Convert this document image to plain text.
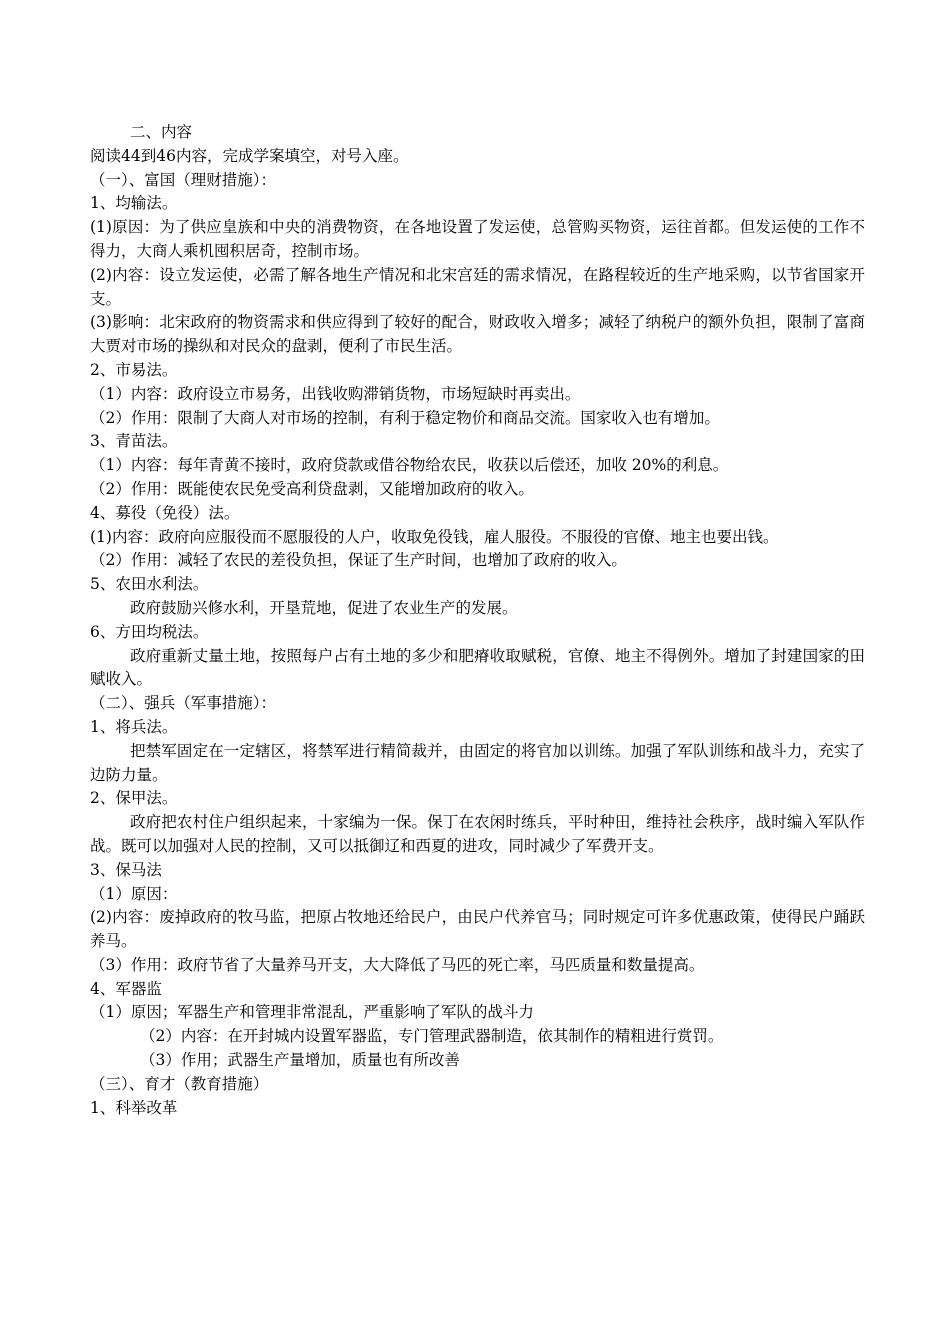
二、内容

阅读44到46内容，完成学案填空，对号入座。

（一）、富国（理财措施）：

1、均输法。

(1)原因：为了供应皇族和中央的消费物资，在各地设置了发运使，总管购买物资，运往首都。但发运使的工作不得力，大商人乘机囤积居奇，控制市场。

(2)内容：设立发运使，必需了解各地生产情况和北宋宫廷的需求情况，在路程较近的生产地采购，以节省国家开支。

(3)影响：北宋政府的物资需求和供应得到了较好的配合，财政收入增多；减轻了纳税户的额外负担，限制了富商大贾对市场的操纵和对民众的盘剥，便利了市民生活。

2、市易法。

（1）内容：政府设立市易务，出钱收购滞销货物，市场短缺时再卖出。

（2）作用：限制了大商人对市场的控制，有利于稳定物价和商品交流。国家收入也有增加。

3、青苗法。

（1）内容：每年青黄不接时，政府贷款或借谷物给农民，收获以后偿还，加收 20%的利息。

（2）作用：既能使农民免受高利贷盘剥，又能增加政府的收入。

4、募役（免役）法。

(1)内容：政府向应服役而不愿服役的人户，收取免役钱，雇人服役。不服役的官僚、地主也要出钱。

（2）作用：减轻了农民的差役负担，保证了生产时间，也增加了政府的收入。

5、农田水利法。

政府鼓励兴修水利，开垦荒地，促进了农业生产的发展。

6、方田均税法。

政府重新丈量土地，按照每户占有土地的多少和肥瘠收取赋税，官僚、地主不得例外。增加了封建国家的田赋收入。

（二）、强兵（军事措施）：

1、将兵法。

把禁军固定在一定辖区，将禁军进行精简裁并，由固定的将官加以训练。加强了军队训练和战斗力，充实了边防力量。

2、保甲法。

政府把农村住户组织起来，十家编为一保。保丁在农闲时练兵，平时种田，维持社会秩序，战时编入军队作战。既可以加强对人民的控制，又可以抵御辽和西夏的进攻，同时减少了军费开支。

3、保马法

（1）原因：

(2)内容：废掉政府的牧马监，把原占牧地还给民户，由民户代养官马；同时规定可许多优惠政策，使得民户踊跃养马。

（3）作用：政府节省了大量养马开支，大大降低了马匹的死亡率，马匹质量和数量提高。

4、军器监

（1）原因；军器生产和管理非常混乱，严重影响了军队的战斗力

（2）内容：在开封城内设置军器监，专门管理武器制造，依其制作的精粗进行赏罚。

（3）作用；武器生产量增加，质量也有所改善

（三）、育才（教育措施）

1、科举改革
